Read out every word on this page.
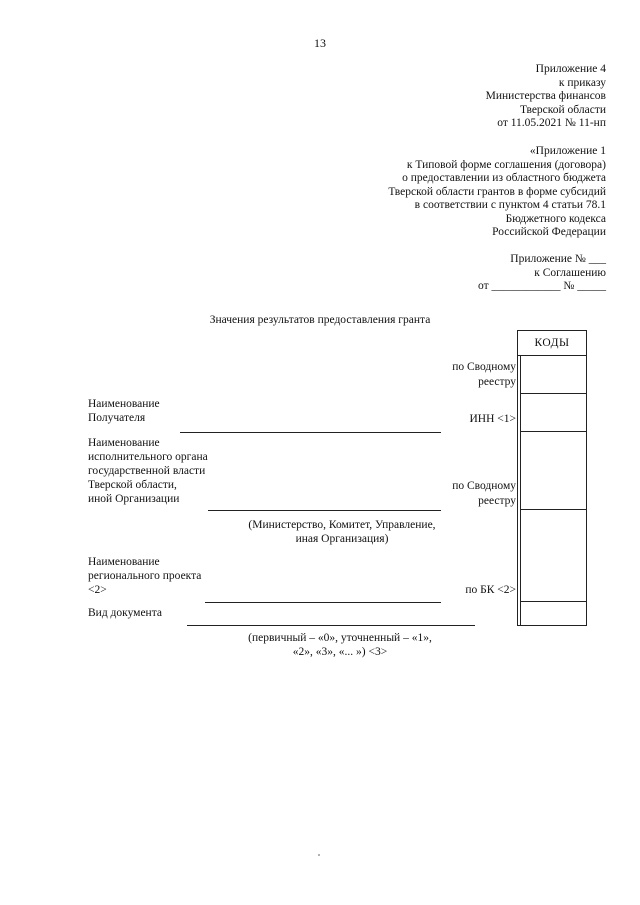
13
Приложение 4
к приказу
Министерства финансов
Тверской области
от 11.05.2021 № 11-нп
«Приложение 1
к Типовой форме соглашения (договора)
о предоставлении из областного бюджета
Тверской области грантов в форме субсидий
в соответствии с пунктом 4 статьи 78.1
Бюджетного кодекса
Российской Федерации
Приложение № ___
к Соглашению
от ____________ № _____
Значения результатов предоставления гранта
КОДЫ
по Сводному
реестру
ИНН <1>
по Сводному
реестру
по БК <2>
Наименование
Получателя
Наименование
исполнительного органа
государственной власти
Тверской области,
иной Организации
(Министерство, Комитет, Управление,
иная Организация)
Наименование
регионального проекта
<2>
Вид документа
(первичный – «0», уточненный – «1»,
«2», «3», «... ») <3>
